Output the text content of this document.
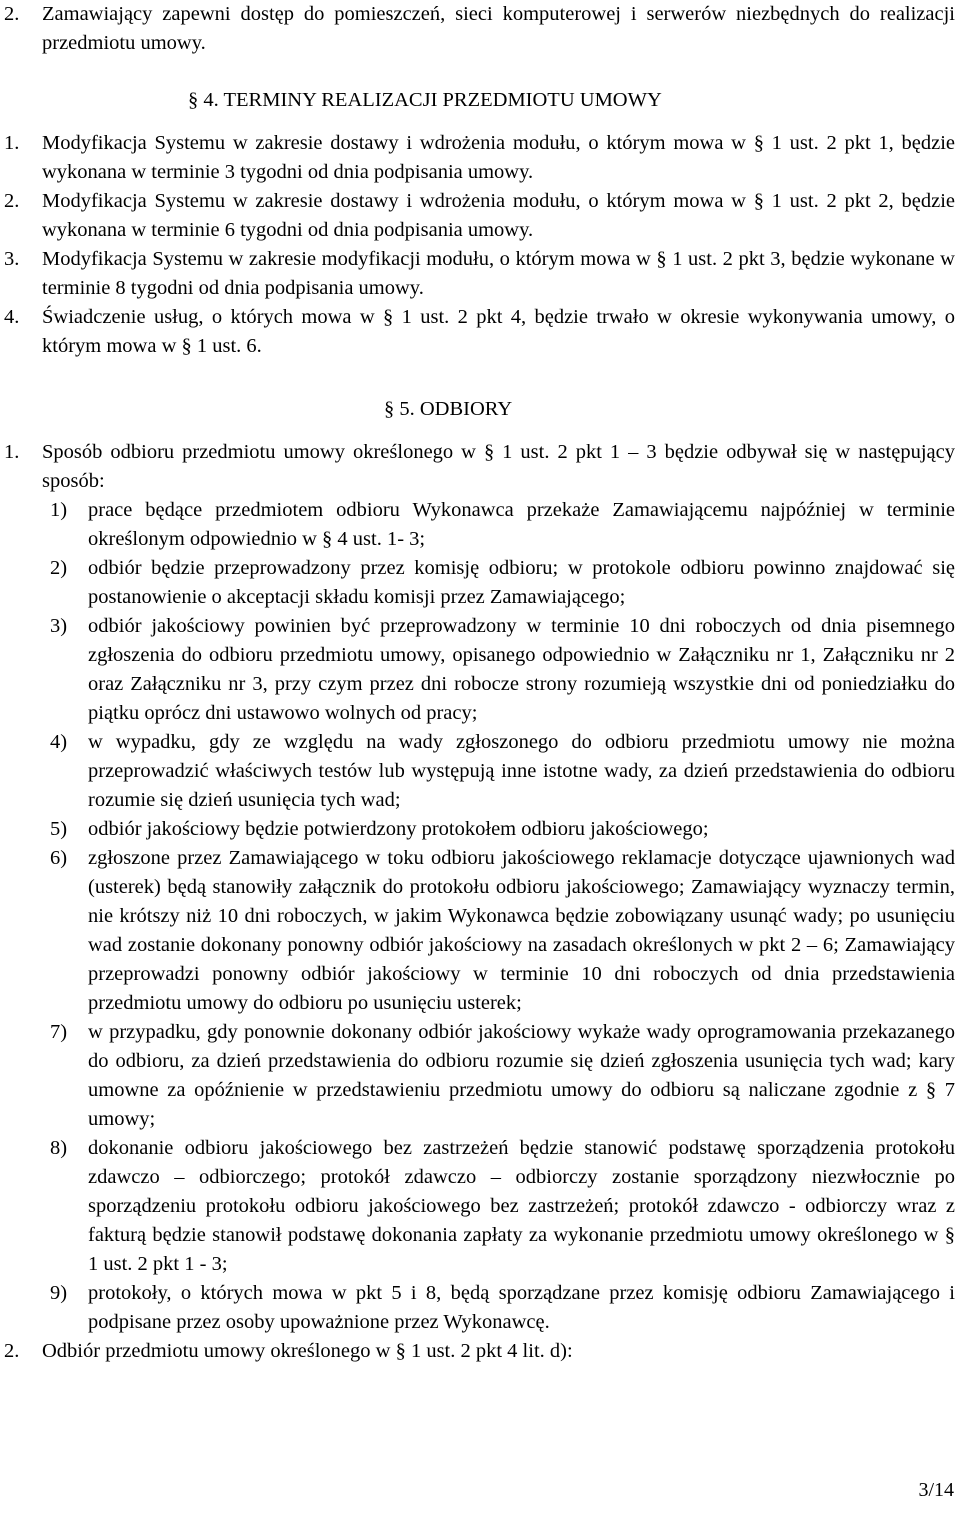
2. Zamawiający zapewni dostęp do pomieszczeń, sieci komputerowej i serwerów niezbędnych do realizacji przedmiotu umowy.
§ 4. TERMINY REALIZACJI PRZEDMIOTU UMOWY
1. Modyfikacja Systemu w zakresie dostawy i wdrożenia modułu, o którym mowa w § 1 ust. 2 pkt 1, będzie wykonana w terminie 3 tygodni od dnia podpisania umowy.
2. Modyfikacja Systemu w zakresie dostawy i wdrożenia modułu, o którym mowa w § 1 ust. 2 pkt 2, będzie wykonana w terminie 6 tygodni od dnia podpisania umowy.
3. Modyfikacja Systemu w zakresie modyfikacji modułu, o którym mowa w § 1 ust. 2 pkt 3, będzie wykonane w terminie 8 tygodni od dnia podpisania umowy.
4. Świadczenie usług, o których mowa w § 1 ust. 2 pkt 4, będzie trwało w okresie wykonywania umowy, o którym mowa w § 1 ust. 6.
§ 5. ODBIORY
1. Sposób odbioru przedmiotu umowy określonego w § 1 ust. 2 pkt 1 – 3 będzie odbywał się w następujący sposób:
1) prace będące przedmiotem odbioru Wykonawca przekaże Zamawiającemu najpóźniej w terminie określonym odpowiednio w § 4 ust. 1- 3;
2) odbiór będzie przeprowadzony przez komisję odbioru; w protokole odbioru powinno znajdować się postanowienie o akceptacji składu komisji przez Zamawiającego;
3) odbiór jakościowy powinien być przeprowadzony w terminie 10 dni roboczych od dnia pisemnego zgłoszenia do odbioru przedmiotu umowy, opisanego odpowiednio w Załączniku nr 1, Załączniku nr 2 oraz Załączniku nr 3, przy czym przez dni robocze strony rozumieją wszystkie dni od poniedziałku do piątku oprócz dni ustawowo wolnych od pracy;
4) w wypadku, gdy ze względu na wady zgłoszonego do odbioru przedmiotu umowy nie można przeprowadzić właściwych testów lub występują inne istotne wady, za dzień przedstawienia do odbioru rozumie się dzień usunięcia tych wad;
5) odbiór jakościowy będzie potwierdzony protokołem odbioru jakościowego;
6) zgłoszone przez Zamawiającego w toku odbioru jakościowego reklamacje dotyczące ujawnionych wad (usterek) będą stanowiły załącznik do protokołu odbioru jakościowego; Zamawiający wyznaczy termin, nie krótszy niż 10 dni roboczych, w jakim Wykonawca będzie zobowiązany usunąć wady; po usunięciu wad zostanie dokonany ponowny odbiór jakościowy na zasadach określonych w pkt 2 – 6; Zamawiający przeprowadzi ponowny odbiór jakościowy w terminie 10 dni roboczych od dnia przedstawienia przedmiotu umowy do odbioru po usunięciu usterek;
7) w przypadku, gdy ponownie dokonany odbiór jakościowy wykaże wady oprogramowania przekazanego do odbioru, za dzień przedstawienia do odbioru rozumie się dzień zgłoszenia usunięcia tych wad; kary umowne za opóźnienie w przedstawieniu przedmiotu umowy do odbioru są naliczane zgodnie z § 7 umowy;
8) dokonanie odbioru jakościowego bez zastrzeżeń będzie stanowić podstawę sporządzenia protokołu zdawczo – odbiorczego; protokół zdawczo – odbiorczy zostanie sporządzony niezwłocznie po sporządzeniu protokołu odbioru jakościowego bez zastrzeżeń; protokół zdawczo - odbiorczy wraz z fakturą będzie stanowił podstawę dokonania zapłaty za wykonanie przedmiotu umowy określonego w § 1 ust. 2 pkt 1 - 3;
9) protokoły, o których mowa w pkt 5 i 8, będą sporządzane przez komisję odbioru Zamawiającego i podpisane przez osoby upoważnione przez Wykonawcę.
2. Odbiór przedmiotu umowy określonego w § 1 ust. 2 pkt 4 lit. d):
3/14
